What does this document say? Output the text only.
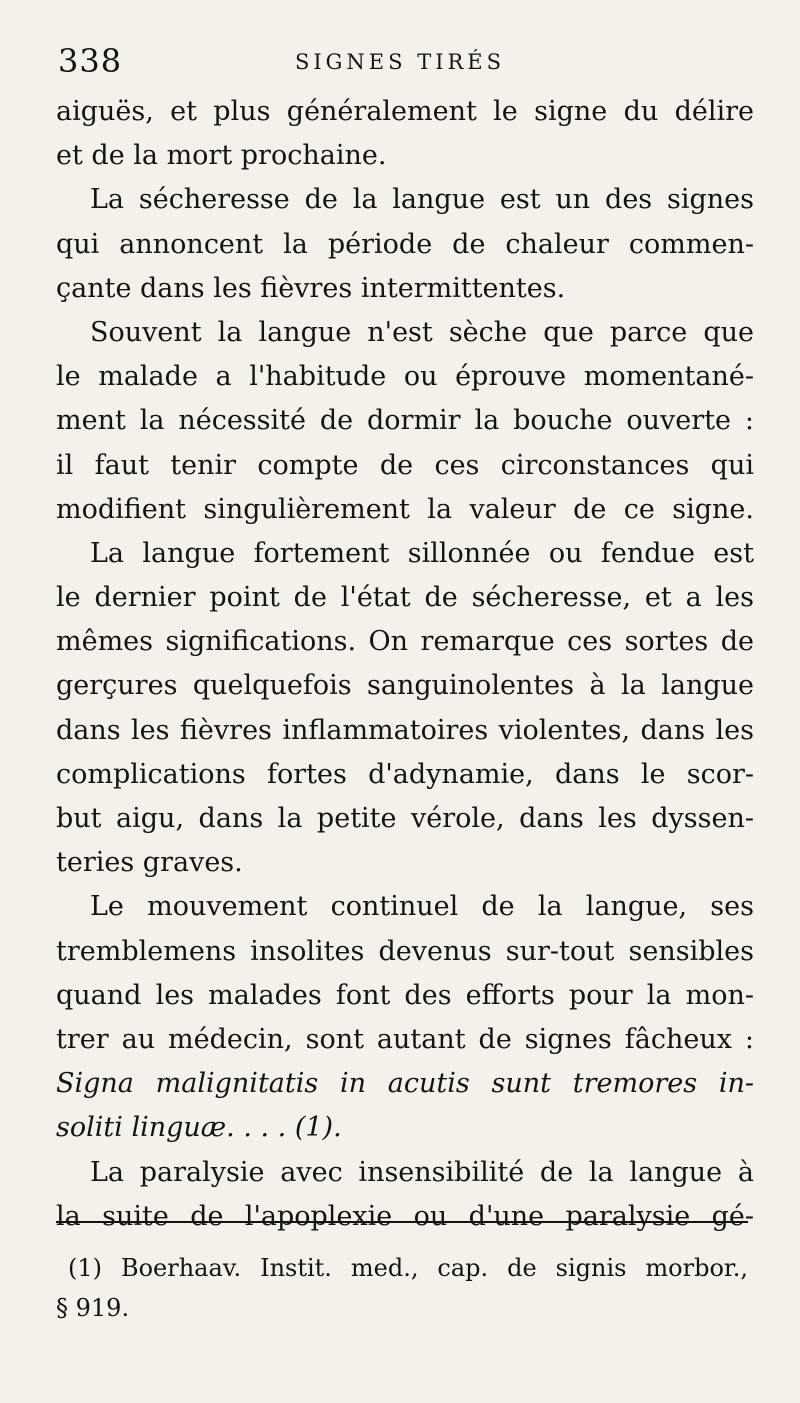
338	SIGNES TIRÉS
aiguës, et plus généralement le signe du délire
et de la mort prochaine.
La sécheresse de la langue est un des signes
qui annoncent la période de chaleur commen-
çante dans les fièvres intermittentes.
Souvent la langue n'est sèche que parce que
le malade a l'habitude ou éprouve momentané-
ment la nécessité de dormir la bouche ouverte :
il faut tenir compte de ces circonstances qui
modifient singulièrement la valeur de ce signe.
La langue fortement sillonnée ou fendue est
le dernier point de l'état de sécheresse, et a les
mêmes significations. On remarque ces sortes de
gerçures quelquefois sanguinolentes à la langue
dans les fièvres inflammatoires violentes, dans les
complications fortes d'adynamie, dans le scor-
but aigu, dans la petite vérole, dans les dyssen-
teries graves.
Le mouvement continuel de la langue, ses
tremblemens insolites devenus sur-tout sensibles
quand les malades font des efforts pour la mon-
trer au médecin, sont autant de signes fâcheux :
Signa malignitatis in acutis sunt tremores in-
soliti linguæ. . . . (1).
La paralysie avec insensibilité de la langue à
la suite de l'apoplexie ou d'une paralysie gé-
(1) Boerhaav. Instit. med., cap. de signis morbor.,
§ 919.
